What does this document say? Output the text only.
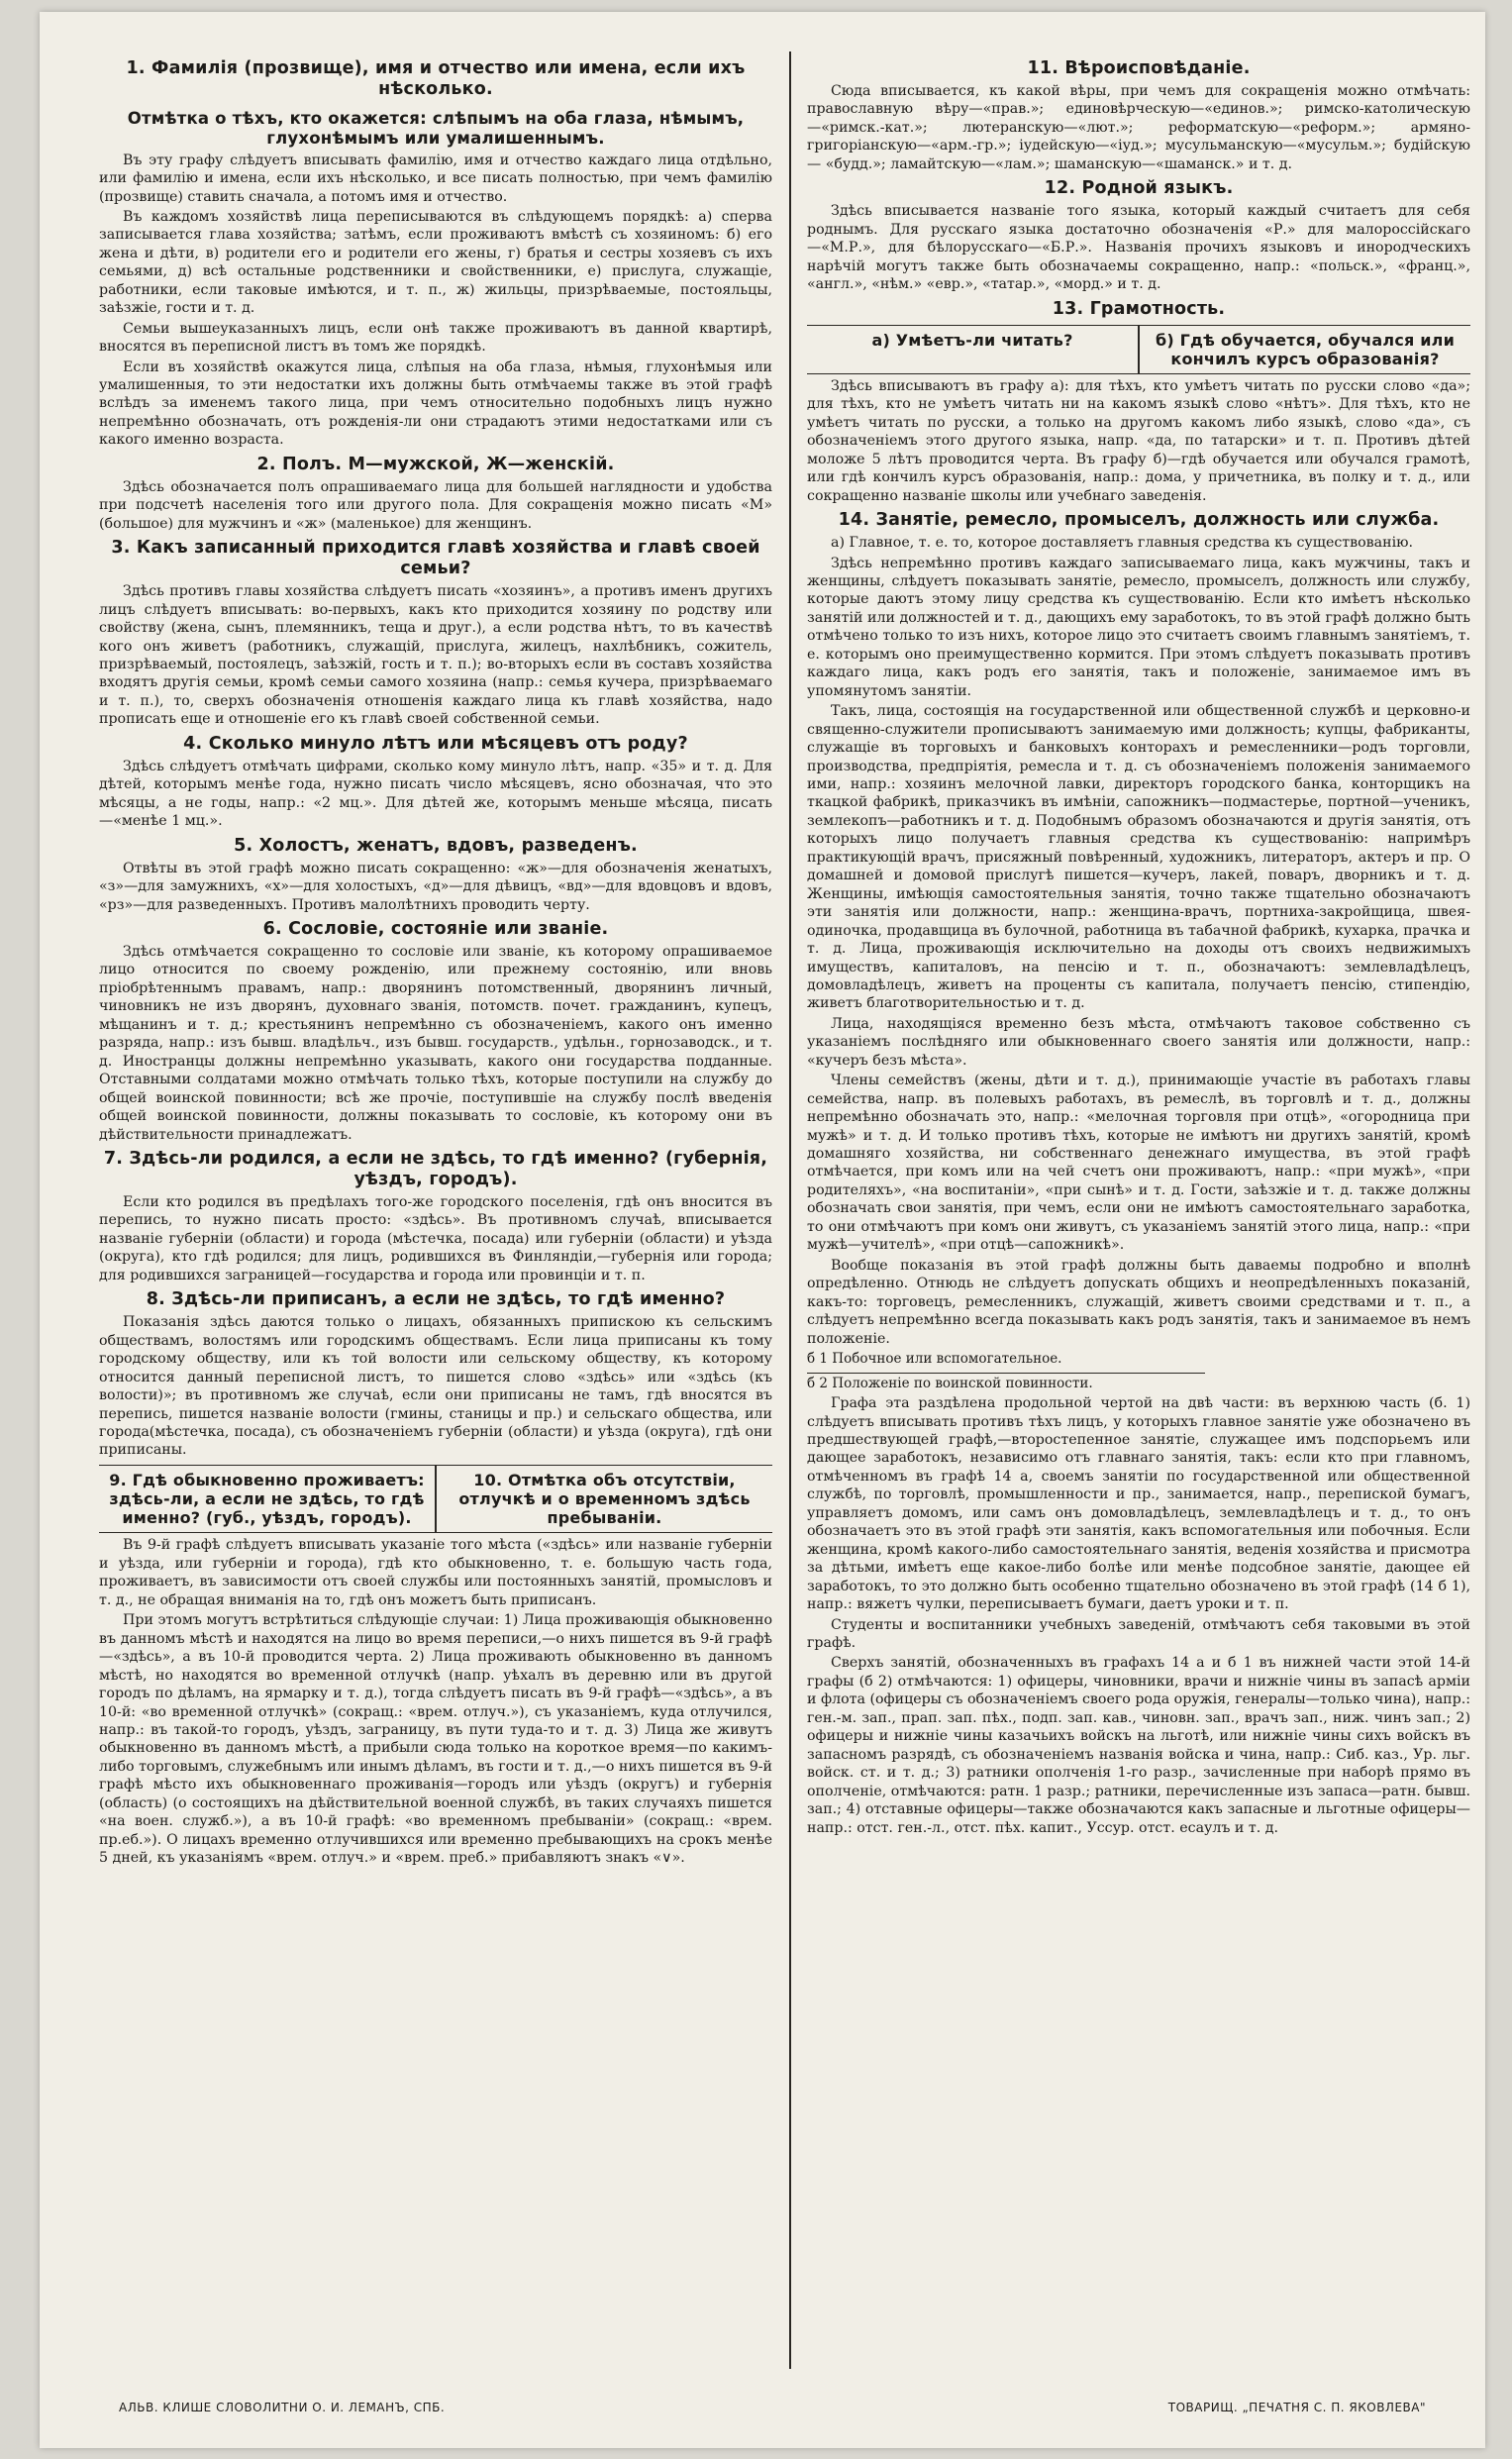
1. Фамилія (прозвище), имя и отчество или имена, если ихъ нѣсколько.
Отмѣтка о тѣхъ, кто окажется: слѣпымъ на оба глаза, нѣмымъ, глухонѣмымъ или умалишеннымъ.

Въ эту графу слѣдуетъ вписывать фамилію, имя и отчество каждаго лица отдѣльно, или фамилію и имена, если ихъ нѣсколько, и все писать полностью, при чемъ фамилію (прозвище) ставить сначала, а потомъ имя и отчество.

Въ каждомъ хозяйствѣ лица переписываются въ слѣдующемъ порядкѣ: а) сперва записывается глава хозяйства; затѣмъ, если проживаютъ вмѣстѣ съ хозяиномъ: б) его жена и дѣти, в) родители его и родители его жены, г) братья и сестры хозяевъ съ ихъ семьями, д) всѣ остальные родственники и свойственники, е) прислуга, служащіе, работники, если таковые имѣются, и т. п., ж) жильцы, призрѣваемые, постояльцы, заѣзжіе, гости и т. д.

Семьи вышеуказанныхъ лицъ, если онѣ также проживаютъ въ данной квартирѣ, вносятся въ переписной листъ въ томъ же порядкѣ.

Если въ хозяйствѣ окажутся лица, слѣпыя на оба глаза, нѣмыя, глухонѣмыя или умалишенныя, то эти недостатки ихъ должны быть отмѣчаемы также въ этой графѣ вслѣдъ за именемъ такого лица, при чемъ относительно подобныхъ лицъ нужно непремѣнно обозначать, отъ рожденія-ли они страдаютъ этими недостатками или съ какого именно возраста.

2. Полъ. М—мужской, Ж—женскій.

Здѣсь обозначается полъ опрашиваемаго лица для большей наглядности и удобства при подсчетѣ населенія того или другого пола. Для сокращенія можно писать «М» (большое) для мужчинъ и «ж» (маленькое) для женщинъ.

3. Какъ записанный приходится главѣ хозяйства и главѣ своей семьи?

Здѣсь противъ главы хозяйства слѣдуетъ писать «хозяинъ», а противъ именъ другихъ лицъ слѣдуетъ вписывать: во-первыхъ, какъ кто приходится хозяину по родству или свойству (жена, сынъ, племянникъ, теща и друг.), а если родства нѣтъ, то въ качествѣ кого онъ живетъ (работникъ, служащій, прислуга, жилецъ, нахлѣбникъ, сожитель, призрѣваемый, постоялецъ, заѣзжій, гость и т. п.); во-вторыхъ если въ составъ хозяйства входятъ другія семьи, кромѣ семьи самого хозяина (напр.: семья кучера, призрѣваемаго и т. п.), то, сверхъ обозначенія отношенія каждаго лица къ главѣ хозяйства, надо прописать еще и отношеніе его къ главѣ своей собственной семьи.

4. Сколько минуло лѣтъ или мѣсяцевъ отъ роду?

Здѣсь слѣдуетъ отмѣчать цифрами, сколько кому минуло лѣтъ, напр. «35» и т. д. Для дѣтей, которымъ менѣе года, нужно писать число мѣсяцевъ, ясно обозначая, что это мѣсяцы, а не годы, напр.: «2 мц.». Для дѣтей же, которымъ меньше мѣсяца, писать—«менѣе 1 мц.».

5. Холостъ, женатъ, вдовъ, разведенъ.

Отвѣты въ этой графѣ можно писать сокращенно: «ж»—для обозначенія женатыхъ, «з»—для замужнихъ, «х»—для холостыхъ, «д»—для дѣвицъ, «вд»—для вдовцовъ и вдовъ, «рз»—для разведенныхъ. Противъ малолѣтнихъ проводить черту.

6. Сословіе, состояніе или званіе.

Здѣсь отмѣчается сокращенно то сословіе или званіе, къ которому опрашиваемое лицо относится по своему рожденію, или прежнему состоянію, или вновь пріобрѣтеннымъ правамъ, напр.: дворянинъ потомственный, дворянинъ личный, чиновникъ не изъ дворянъ, духовнаго званія, потомств. почет. гражданинъ, купецъ, мѣщанинъ и т. д.; крестьянинъ непремѣнно съ обозначеніемъ, какого онъ именно разряда, напр.: изъ бывш. владѣльч., изъ бывш. государств., удѣльн., горнозаводск., и т. д. Иностранцы должны непремѣнно указывать, какого они государства подданные. Отставными солдатами можно отмѣчать только тѣхъ, которые поступили на службу до общей воинской повинности; всѣ же прочіе, поступившіе на службу послѣ введенія общей воинской повинности, должны показывать то сословіе, къ которому они въ дѣйствительности принадлежатъ.

7. Здѣсь-ли родился, а если не здѣсь, то гдѣ именно? (губернія, уѣздъ, городъ).

Если кто родился въ предѣлахъ того-же городского поселенія, гдѣ онъ вносится въ перепись, то нужно писать просто: «здѣсь». Въ противномъ случаѣ, вписывается названіе губерніи (области) и города (мѣстечка, посада) или губерніи (области) и уѣзда (округа), кто гдѣ родился; для лицъ, родившихся въ Финляндіи,—губернія или города; для родившихся заграницей—государства и города или провинціи и т. п.

8. Здѣсь-ли приписанъ, а если не здѣсь, то гдѣ именно?

Показанія здѣсь даются только о лицахъ, обязанныхъ припискою къ сельскимъ обществамъ, волостямъ или городскимъ обществамъ. Если лица приписаны къ тому городскому обществу, или къ той волости или сельскому обществу, къ которому относится данный переписной листъ, то пишется слово «здѣсь» или «здѣсь (къ волости)»; въ противномъ же случаѣ, если они приписаны не тамъ, гдѣ вносятся въ перепись, пишется названіе волости (гмины, станицы и пр.) и сельскаго общества, или города(мѣстечка, посада), съ обозначеніемъ губерніи (области) и уѣзда (округа), гдѣ они приписаны.

9. Гдѣ обыкновенно проживаетъ: здѣсь-ли, а если не здѣсь, то гдѣ именно? (губ., уѣздъ, городъ).
10. Отмѣтка объ отсутствіи, отлучкѣ и о временномъ здѣсь пребываніи.

Въ 9-й графѣ слѣдуетъ вписывать указаніе того мѣста («здѣсь» или названіе губерніи и уѣзда, или губерніи и города), гдѣ кто обыкновенно, т. е. большую часть года, проживаетъ, въ зависимости отъ своей службы или постоянныхъ занятій, промысловъ и т. д., не обращая вниманія на то, гдѣ онъ можетъ быть приписанъ.

При этомъ могутъ встрѣтиться слѣдующіе случаи: 1) Лица проживающія обыкновенно въ данномъ мѣстѣ и находятся на лицо во время переписи,—о нихъ пишется въ 9-й графѣ—«здѣсь», а въ 10-й проводится черта. 2) Лица проживають обыкновенно въ данномъ мѣстѣ, но находятся во временной отлучкѣ (напр. уѣхалъ въ деревню или въ другой городъ по дѣламъ, на ярмарку и т. д.), тогда слѣдуетъ писать въ 9-й графѣ—«здѣсь», а въ 10-й: «во временной отлучкѣ» (сокращ.: «врем. отлуч.»), съ указаніемъ, куда отлучился, напр.: въ такой-то городъ, уѣздъ, заграницу, въ пути туда-то и т. д. 3) Лица же живутъ обыкновенно въ данномъ мѣстѣ, а прибыли сюда только на короткое время—по какимъ-либо торговымъ, служебнымъ или инымъ дѣламъ, въ гости и т. д.,—о нихъ пишется въ 9-й графѣ мѣсто ихъ обыкновеннаго проживанія—городъ или уѣздъ (округъ) и губернія (область) (о состоящихъ на дѣйствительной военной службѣ, въ таких случаяхъ пишется «на воен. служб.»), а въ 10-й графѣ: «во временномъ пребываніи» (сокращ.: «врем. пр.еб.»). О лицахъ временно отлучившихся или временно пребывающихъ на срокъ менѣе 5 дней, къ указаніямъ «врем. отлуч.» и «врем. преб.» прибавляютъ знакъ «∨».

11. Вѣроисповѣданіе.

Сюда вписывается, къ какой вѣры, при чемъ для сокращенія можно отмѣчать: православную вѣру—«прав.»; единовѣрческую—«единов.»; римско-католическую—«римск.-кат.»; лютеранскую—«лют.»; реформатскую—«реформ.»; армяно-григоріанскую—«арм.-гр.»; іудейскую—«іуд.»; мусульманскую—«мусульм.»; будійскую — «будд.»; ламайтскую—«лам.»; шаманскую—«шаманск.» и т. д.

12. Родной языкъ.

Здѣсь вписывается названіе того языка, который каждый считаетъ для себя роднымъ. Для русскаго языка достаточно обозначенія «Р.» для малороссійскаго—«М.Р.», для бѣлорусскаго—«Б.Р.». Названія прочихъ языковъ и инородческихъ нарѣчій могутъ также быть обозначаемы сокращенно, напр.: «польск.», «франц.», «англ.», «нѣм.» «евр.», «татар.», «морд.» и т. д.

13. Грамотность.
а) Умѣетъ-ли читать?	б) Гдѣ обучается, обучался или кончилъ курсъ образованія?

Здѣсь вписываютъ въ графу а): для тѣхъ, кто умѣетъ читать по русски слово «да»; для тѣхъ, кто не умѣетъ читать ни на какомъ языкѣ слово «нѣтъ». Для тѣхъ, кто не умѣетъ читать по русски, а только на другомъ какомъ либо языкѣ, слово «да», съ обозначеніемъ этого другого языка, напр. «да, по татарски» и т. п. Противъ дѣтей моложе 5 лѣтъ проводится черта. Въ графу б)—гдѣ обучается или обучался грамотѣ, или гдѣ кончилъ курсъ образованія, напр.: дома, у причетника, въ полку и т. д., или сокращенно названіе школы или учебнаго заведенія.

14. Занятіе, ремесло, промыселъ, должность или служба.

а) Главное, т. е. то, которое доставляетъ главныя средства къ существованію.

Здѣсь непремѣнно противъ каждаго записываемаго лица, какъ мужчины, такъ и женщины, слѣдуетъ показывать занятіе, ремесло, промыселъ, должность или службу, которые даютъ этому лицу средства къ существованію. Если кто имѣетъ нѣсколько занятій или должностей и т. д., дающихъ ему заработокъ, то въ этой графѣ должно быть отмѣчено только то изъ нихъ, которое лицо это считаетъ своимъ главнымъ занятіемъ, т. е. которымъ оно преимущественно кормится. При этомъ слѣдуетъ показывать противъ каждаго лица, какъ родъ его занятія, такъ и положеніе, занимаемое имъ въ упомянутомъ занятіи.

Такъ, лица, состоящія на государственной или общественной службѣ и церковно-и священно-служители прописываютъ занимаемую ими должность; купцы, фабриканты, служащіе въ торговыхъ и банковыхъ конторахъ и ремесленники—родъ торговли, производства, предпріятія, ремесла и т. д. съ обозначеніемъ положенія занимаемого ими, напр.: хозяинъ мелочной лавки, директоръ городского банка, конторщикъ на ткацкой фабрикѣ, приказчикъ въ имѣніи, сапожникъ—подмастерье, портной—ученикъ, землекопъ—работникъ и т. д. Подобнымъ образомъ обозначаются и другія занятія, отъ которыхъ лицо получаетъ главныя средства къ существованію: напримѣръ практикующій врачъ, присяжный повѣренный, художникъ, литераторъ, актеръ и пр. О домашней и домовой прислугѣ пишется—кучеръ, лакей, поваръ, дворникъ и т. д. Женщины, имѣющія самостоятельныя занятія, точно также тщательно обозначаютъ эти занятія или должности, напр.: женщина-врачъ, портниха-закройщица, швея-одиночка, продавщица въ булочной, работница въ табачной фабрикѣ, кухарка, прачка и т. д. Лица, проживающія исключительно на доходы отъ своихъ недвижимыхъ имуществъ, капиталовъ, на пенсію и т. п., обозначаютъ: землевладѣлецъ, домовладѣлецъ, живетъ на проценты съ капитала, получаетъ пенсію, стипендію, живетъ благотворительностью и т. д.

Лица, находящіяся временно безъ мѣста, отмѣчаютъ таковое собственно съ указаніемъ послѣдняго или обыкновеннаго своего занятія или должности, напр.: «кучеръ безъ мѣста».

Члены семействъ (жены, дѣти и т. д.), принимающіе участіе въ работахъ главы семейства, напр. въ полевыхъ работахъ, въ ремеслѣ, въ торговлѣ и т. д., должны непремѣнно обозначать это, напр.: «мелочная торговля при отцѣ», «огородница при мужѣ» и т. д. И только противъ тѣхъ, которые не имѣютъ ни другихъ занятій, кромѣ домашняго хозяйства, ни собственнаго денежнаго имущества, въ этой графѣ отмѣчается, при комъ или на чей счетъ они проживаютъ, напр.: «при мужѣ», «при родителяхъ», «на воспитаніи», «при сынѣ» и т. д. Гости, заѣзжіе и т. д. также должны обозначать свои занятія, при чемъ, если они не имѣютъ самостоятельнаго заработка, то они отмѣчаютъ при комъ они живутъ, съ указаніемъ занятій этого лица, напр.: «при мужѣ—учителѣ», «при отцѣ—сапожникѣ».

Вообще показанія въ этой графѣ должны быть даваемы подробно и вполнѣ опредѣленно. Отнюдь не слѣдуетъ допускать общихъ и неопредѣленныхъ показаній, какъ-то: торговецъ, ремесленникъ, служащій, живетъ своими средствами и т. п., а слѣдуетъ непремѣнно всегда показывать какъ родъ занятія, такъ и занимаемое въ немъ положеніе.

б 1 Побочное или вспомогательное.
б 2 Положеніе по воинской повинности.

Графа эта раздѣлена продольной чертой на двѣ части: въ верхнюю часть (б. 1) слѣдуетъ вписывать противъ тѣхъ лицъ, у которыхъ главное занятіе уже обозначено въ предшествующей графѣ,—второстепенное занятіе, служащее имъ подспорьемъ или дающее заработокъ, независимо отъ главнаго занятія, такъ: если кто при главномъ, отмѣченномъ въ графѣ 14 а, своемъ занятіи по государственной или общественной службѣ, по торговлѣ, промышленности и пр., занимается, напр., перепиской бумагъ, управляетъ домомъ, или самъ онъ домовладѣлецъ, землевладѣлецъ и т. д., то онъ обозначаетъ это въ этой графѣ эти занятія, какъ вспомогательныя или побочныя. Если женщина, кромѣ какого-либо самостоятельнаго занятія, веденія хозяйства и присмотра за дѣтьми, имѣетъ еще какое-либо болѣе или менѣе подсобное занятіе, дающее ей заработокъ, то это должно быть особенно тщательно обозначено въ этой графѣ (14 б 1), напр.: вяжетъ чулки, переписываетъ бумаги, даетъ уроки и т. п.

Студенты и воспитанники учебныхъ заведеній, отмѣчаютъ себя таковыми въ этой графѣ.

Сверхъ занятій, обозначенныхъ въ графахъ 14 а и б 1 въ нижней части этой 14-й графы (б 2) отмѣчаются: 1) офицеры, чиновники, врачи и нижніе чины въ запасѣ арміи и флота (офицеры съ обозначеніемъ своего рода оружія, генералы—только чина), напр.: ген.-м. зап., прап. зап. пѣх., подп. зап. кав., чиновн. зап., врачъ зап., ниж. чинъ зап.; 2) офицеры и нижніе чины казачьихъ войскъ на льготѣ, или нижніе чины сихъ войскъ въ запасномъ разрядѣ, съ обозначеніемъ названія войска и чина, напр.: Сиб. каз., Ур. льг. войск. ст. и т. д.; 3) ратники ополченія 1-го разр., зачисленные при наборѣ прямо въ ополченіе, отмѣчаются: ратн. 1 разр.; ратники, перечисленные изъ запаса—ратн. бывш. зап.; 4) отставные офицеры—также обозначаются какъ запасные и льготные офицеры—напр.: отст. ген.-л., отст. пѣх. капит., Уссур. отст. есаулъ и т. д.

АЛЬВ. КЛИШЕ СЛОВОЛИТНИ О. И. ЛЕМАНЪ, СПБ.	ТОВАРИЩ. „ПЕЧАТНЯ С. П. ЯКОВЛЕВА"
